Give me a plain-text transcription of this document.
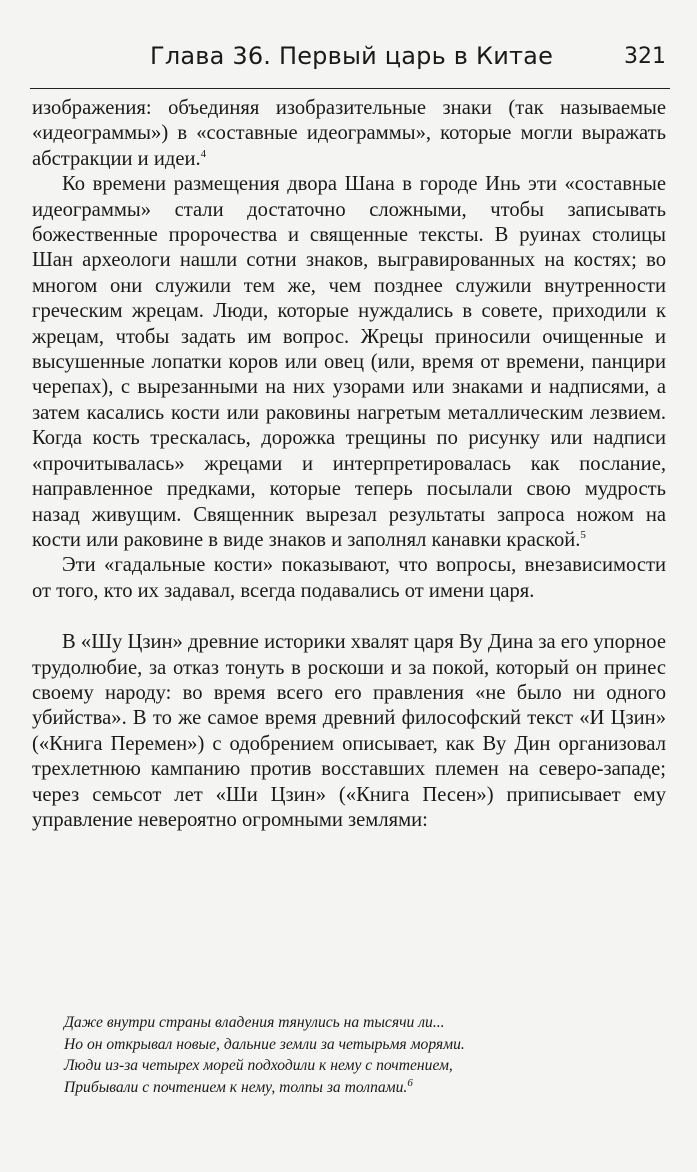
Глава 36. Первый царь в Китае	321

изображения: объединяя изобразительные знаки (так называемые «идеограммы») в «составные идеограммы», которые могли выражать абстракции и идеи.$^4$

Ко времени размещения двора Шана в городе Инь эти «составные идеограммы» стали достаточно сложными, чтобы записывать божественные пророчества и священные тексты. В руинах столицы Шан археологи нашли сотни знаков, выгравированных на костях; во многом они служили тем же, чем позднее служили внутренности греческим жрецам. Люди, которые нуждались в совете, приходили к жрецам, чтобы задать им вопрос. Жрецы приносили очищенные и высушенные лопатки коров или овец (или, время от времени, панцири черепах), с вырезанными на них узорами или знаками и надписями, а затем касались кости или раковины нагретым металлическим лезвием. Когда кость трескалась, дорожка трещины по рисунку или надписи «прочитывалась» жрецами и интерпретировалась как послание, направленное предками, которые теперь посылали свою мудрость назад живущим. Священник вырезал результаты запроса ножом на кости или раковине в виде знаков и заполнял канавки краской.$^5$

Эти «гадальные кости» показывают, что вопросы, внезависимости от того, кто их задавал, всегда подавались от имени царя.

В «Шу Цзин» древние историки хвалят царя Ву Дина за его упорное трудолюбие, за отказ тонуть в роскоши и за покой, который он принес своему народу: во время всего его правления «не было ни одного убийства». В то же самое время древний философский текст «И Цзин» («Книга Перемен») с одобрением описывает, как Ву Дин организовал трехлетнюю кампанию против восставших племен на северо-западе; через семьсот лет «Ши Цзин» («Книга Песен») приписывает ему управление невероятно огромными землями:

Даже внутри страны владения тянулись на тысячи ли...
Но он открывал новые, дальние земли за четырьмя морями.
Люди из-за четырех морей подходили к нему с почтением,
Прибывали с почтением к нему, толпы за толпами.$^6$
